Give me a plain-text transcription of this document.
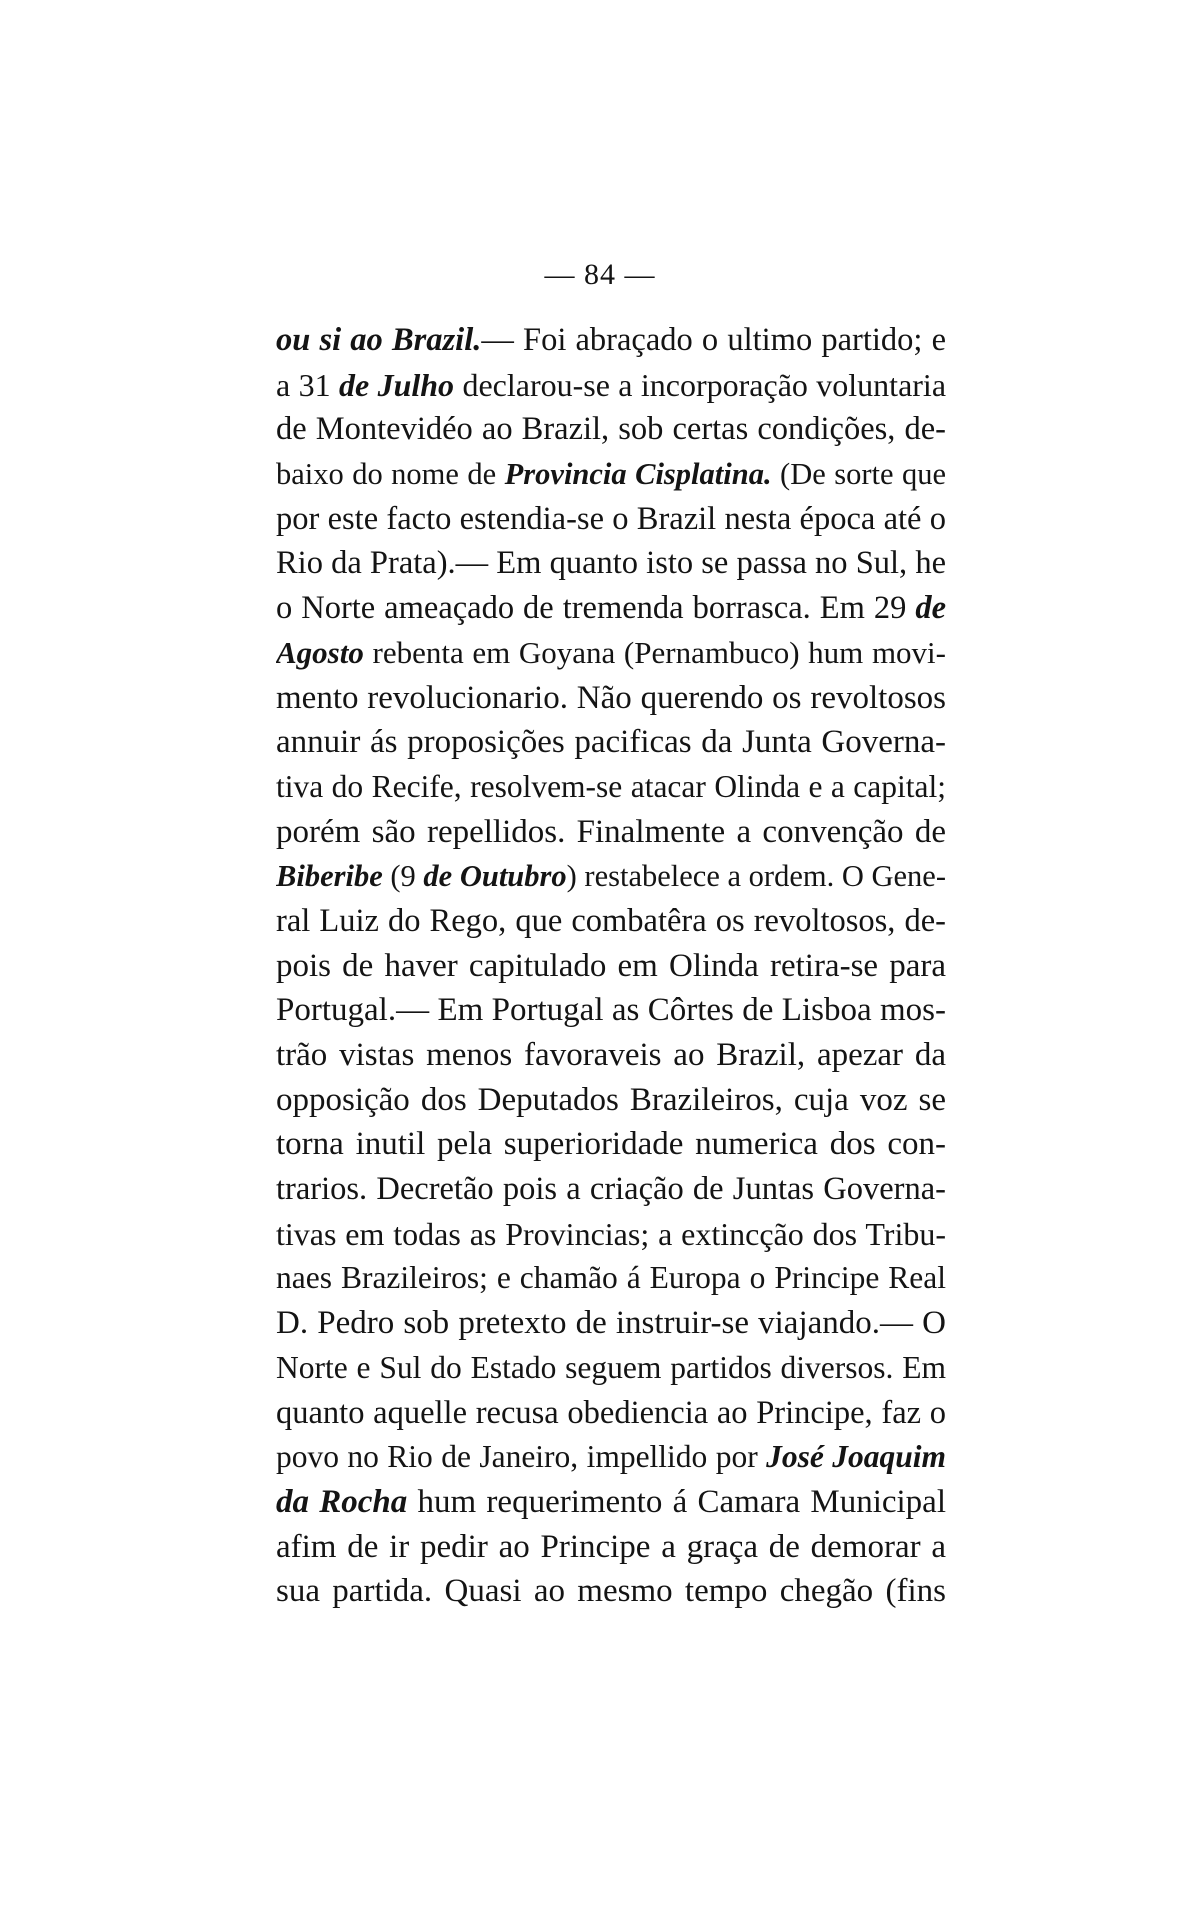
— 84 —
ou si ao Brazil.— Foi abraçado o ultimo partido; e
a 31 de Julho declarou-se a incorporação voluntaria
de Montevidéo ao Brazil, sob certas condições, de-
baixo do nome de Provincia Cisplatina. (De sorte que
por este facto estendia-se o Brazil nesta época até o
Rio da Prata).— Em quanto isto se passa no Sul, he
o Norte ameaçado de tremenda borrasca. Em 29 de
Agosto rebenta em Goyana (Pernambuco) hum movi-
mento revolucionario. Não querendo os revoltosos
annuir ás proposições pacificas da Junta Governa-
tiva do Recife, resolvem-se atacar Olinda e a capital;
porém são repellidos. Finalmente a convenção de
Biberibe (9 de Outubro) restabelece a ordem. O Gene-
ral Luiz do Rego, que combatêra os revoltosos, de-
pois de haver capitulado em Olinda retira-se para
Portugal.— Em Portugal as Côrtes de Lisboa mos-
trão vistas menos favoraveis ao Brazil, apezar da
opposição dos Deputados Brazileiros, cuja voz se
torna inutil pela superioridade numerica dos con-
trarios. Decretão pois a criação de Juntas Governa-
tivas em todas as Provincias; a extincção dos Tribu-
naes Brazileiros; e chamão á Europa o Principe Real
D. Pedro sob pretexto de instruir-se viajando.— O
Norte e Sul do Estado seguem partidos diversos. Em
quanto aquelle recusa obediencia ao Principe, faz o
povo no Rio de Janeiro, impellido por José Joaquim
da Rocha hum requerimento á Camara Municipal
afim de ir pedir ao Principe a graça de demorar a
sua partida. Quasi ao mesmo tempo chegão (fins
